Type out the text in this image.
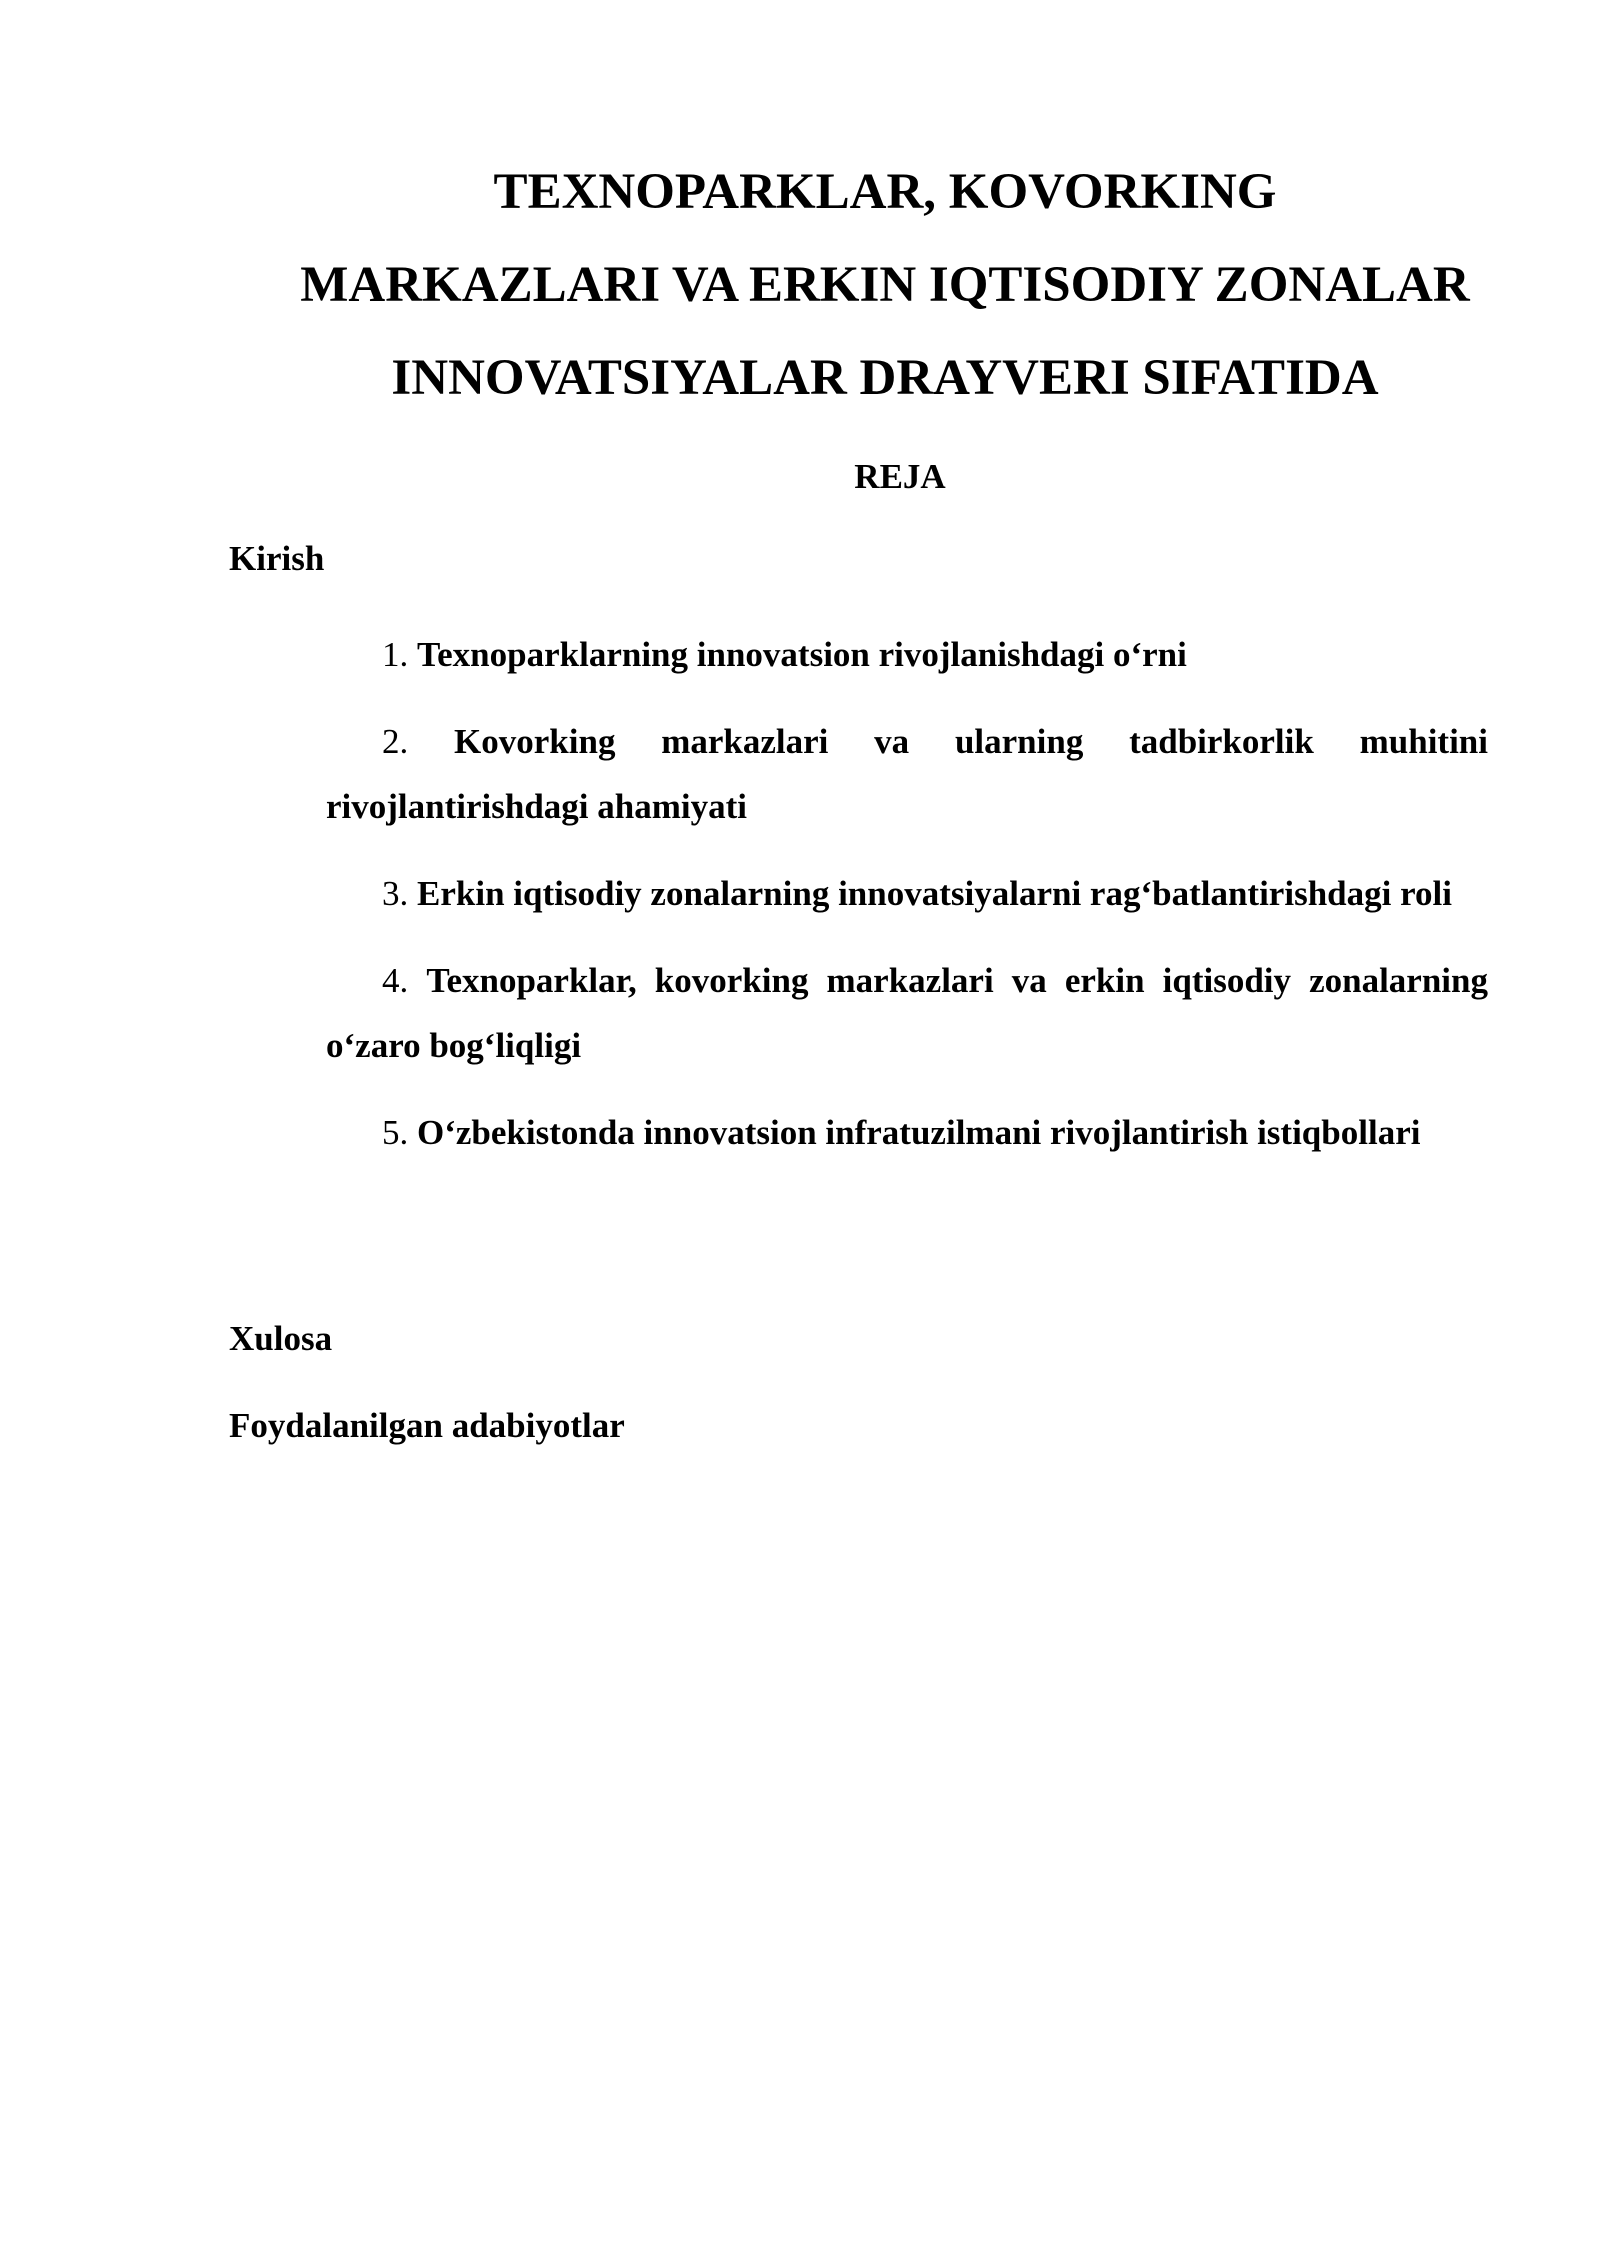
TEXNOPARKLAR, KOVORKING
MARKAZLARI VA ERKIN IQTISODIY ZONALAR
INNOVATSIYALAR DRAYVERI SIFATIDA

REJA

Kirish

1. Texnoparklarning innovatsion rivojlanishdagi o‘rni
2. Kovorking markazlari va ularning tadbirkorlik muhitini rivojlantirishdagi ahamiyati
3. Erkin iqtisodiy zonalarning innovatsiyalarni rag‘batlantirishdagi roli
4. Texnoparklar, kovorking markazlari va erkin iqtisodiy zonalarning o‘zaro bog‘liqligi
5. O‘zbekistonda innovatsion infratuzilmani rivojlantirish istiqbollari

Xulosa

Foydalanilgan adabiyotlar
